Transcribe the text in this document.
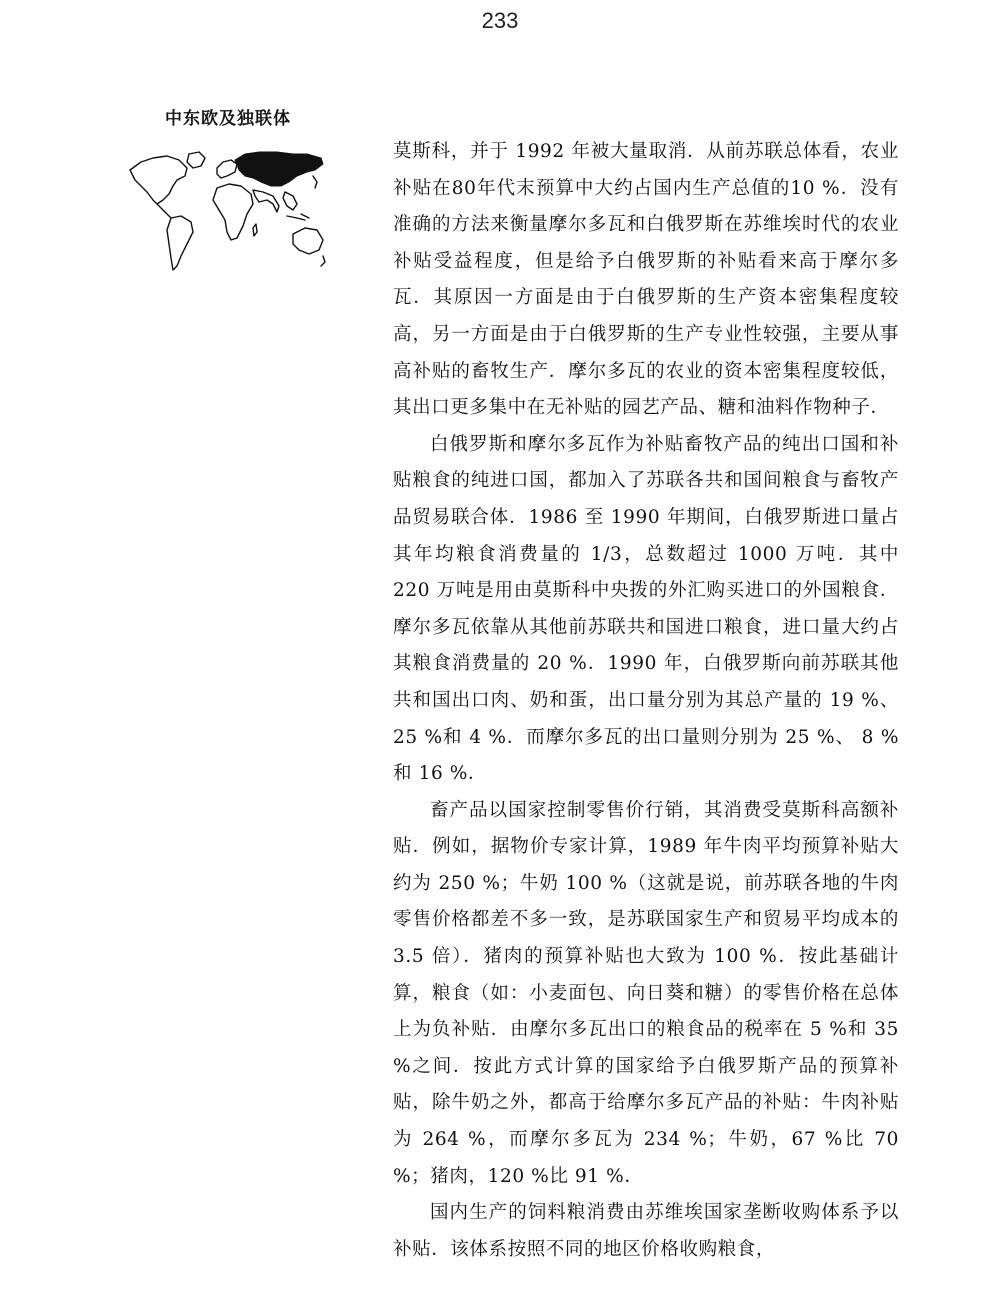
233
中东欧及独联体

莫斯科，并于 1992 年被大量取消．从前苏联总体看，农业补贴在80年代末预算中大约占国内生产总值的10 %．没有准确的方法来衡量摩尔多瓦和白俄罗斯在苏维埃时代的农业补贴受益程度，但是给予白俄罗斯的补贴看来高于摩尔多瓦．其原因一方面是由于白俄罗斯的生产资本密集程度较高，另一方面是由于白俄罗斯的生产专业性较强，主要从事高补贴的畜牧生产．摩尔多瓦的农业的资本密集程度较低，其出口更多集中在无补贴的园艺产品、糖和油料作物种子．

白俄罗斯和摩尔多瓦作为补贴畜牧产品的纯出口国和补贴粮食的纯进口国，都加入了苏联各共和国间粮食与畜牧产品贸易联合体．1986 至 1990 年期间，白俄罗斯进口量占其年均粮食消费量的 1/3，总数超过 1000 万吨．其中 220 万吨是用由莫斯科中央拨的外汇购买进口的外国粮食．摩尔多瓦依靠从其他前苏联共和国进口粮食，进口量大约占其粮食消费量的 20 %．1990 年，白俄罗斯向前苏联其他共和国出口肉、奶和蛋，出口量分别为其总产量的 19 %、 25 %和 4 %．而摩尔多瓦的出口量则分别为 25 %、 8 %和 16 %．

畜产品以国家控制零售价行销，其消费受莫斯科高额补贴．例如，据物价专家计算，1989 年牛肉平均预算补贴大约为 250 %；牛奶 100 %（这就是说，前苏联各地的牛肉零售价格都差不多一致，是苏联国家生产和贸易平均成本的 3.5 倍）．猪肉的预算补贴也大致为 100 %．按此基础计算，粮食（如：小麦面包、向日葵和糖）的零售价格在总体上为负补贴．由摩尔多瓦出口的粮食品的税率在 5 %和 35 %之间．按此方式计算的国家给予白俄罗斯产品的预算补贴，除牛奶之外，都高于给摩尔多瓦产品的补贴：牛肉补贴为 264 %，而摩尔多瓦为 234 %；牛奶，67 %比 70 %；猪肉，120 %比 91 %．

国内生产的饲料粮消费由苏维埃国家垄断收购体系予以补贴．该体系按照不同的地区价格收购粮食，
